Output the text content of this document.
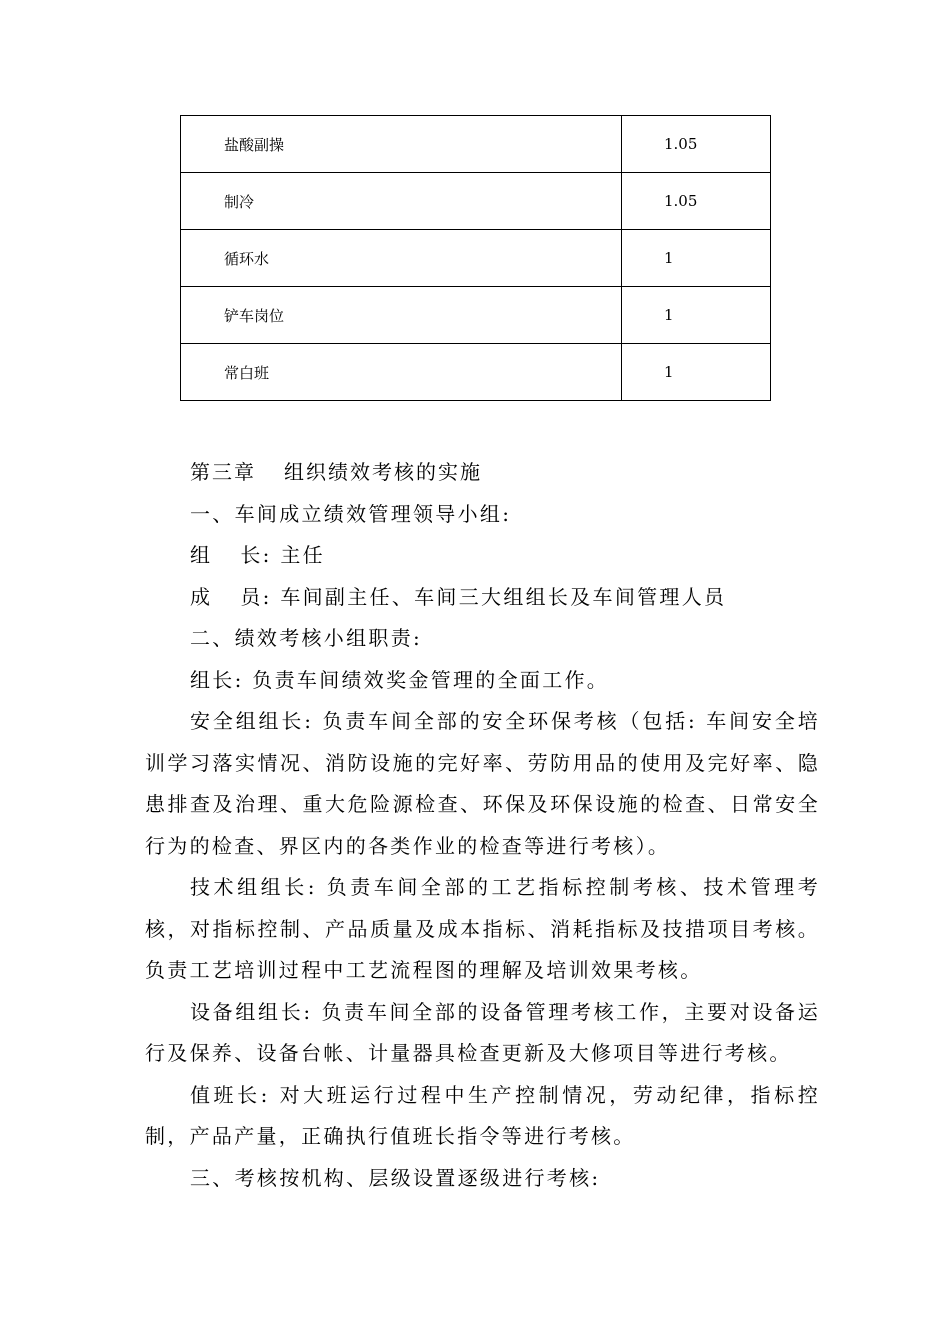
盐酸副操	1.05
制冷	1.05
循环水	1
铲车岗位	1
常白班	1

第三章 组织绩效考核的实施

一、车间成立绩效管理领导小组:

组 长: 主任

成 员: 车间副主任、车间三大组组长及车间管理人员

二、绩效考核小组职责:

组长: 负责车间绩效奖金管理的全面工作。

安全组组长: 负责车间全部的安全环保考核（包括: 车间安全培训学习落实情况、消防设施的完好率、劳防用品的使用及完好率、隐患排查及治理、重大危险源检查、环保及环保设施的检查、日常安全行为的检查、界区内的各类作业的检查等进行考核）。

技术组组长: 负责车间全部的工艺指标控制考核、技术管理考核，对指标控制、产品质量及成本指标、消耗指标及技措项目考核。负责工艺培训过程中工艺流程图的理解及培训效果考核。

设备组组长: 负责车间全部的设备管理考核工作，主要对设备运行及保养、设备台帐、计量器具检查更新及大修项目等进行考核。

值班长: 对大班运行过程中生产控制情况，劳动纪律，指标控制，产品产量，正确执行值班长指令等进行考核。

三、考核按机构、层级设置逐级进行考核:
